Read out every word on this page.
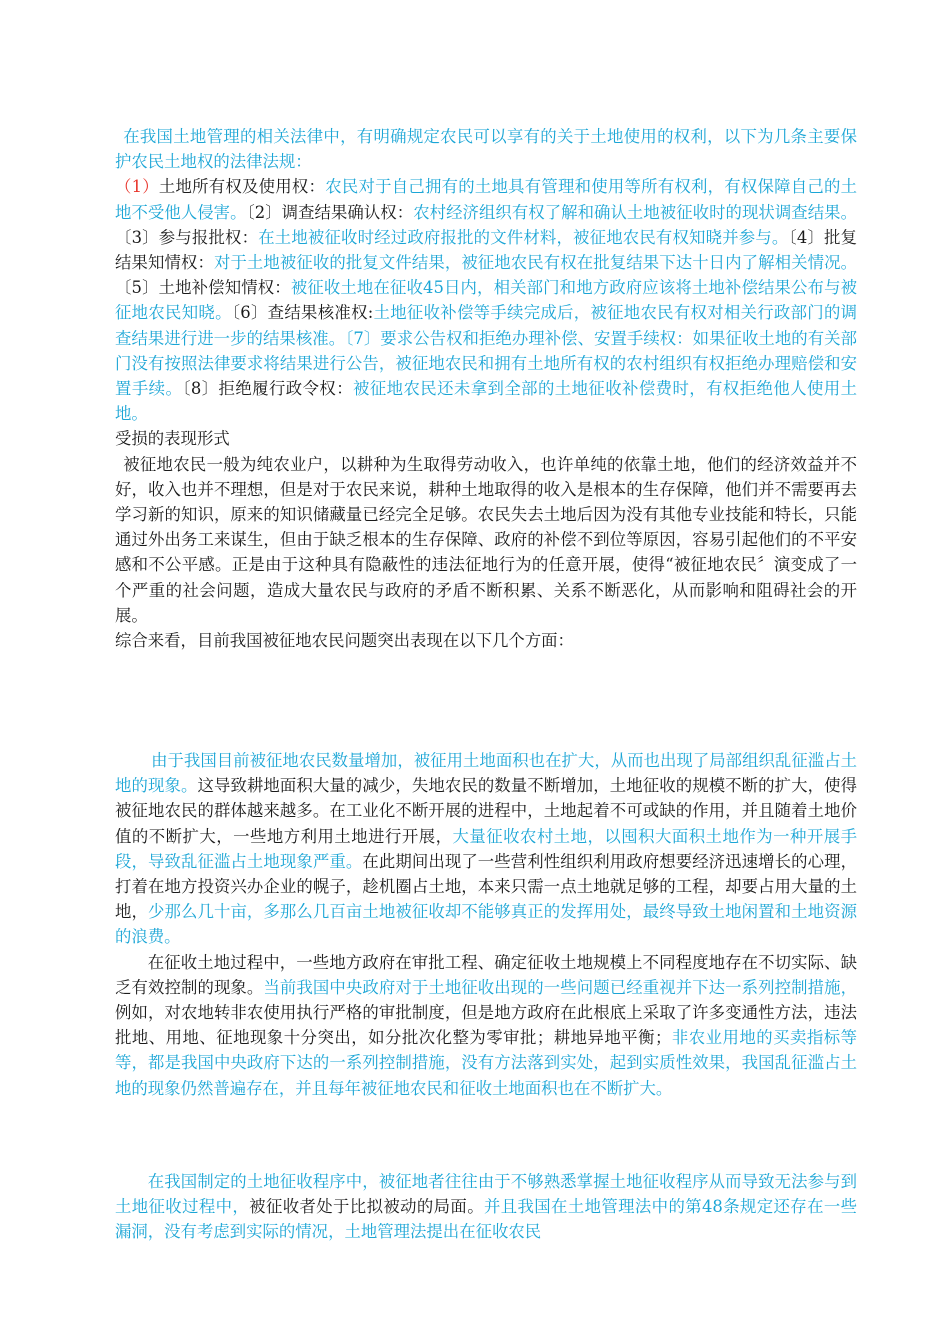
在我国土地管理的相关法律中，有明确规定农民可以享有的关于土地使用的权利，以下为几条主要保护农民土地权的法律法规：

（1）土地所有权及使用权：农民对于自己拥有的土地具有管理和使用等所有权利，有权保障自己的土地不受他人侵害。〔2〕调查结果确认权：农村经济组织有权了解和确认土地被征收时的现状调查结果。〔3〕参与报批权：在土地被征收时经过政府报批的文件材料，被征地农民有权知晓并参与。〔4〕批复结果知情权：对于土地被征收的批复文件结果，被征地农民有权在批复结果下达十日内了解相关情况。〔5〕土地补偿知情权：被征收土地在征收45日内，相关部门和地方政府应该将土地补偿结果公布与被征地农民知晓。〔6〕查结果核准权:土地征收补偿等手续完成后，被征地农民有权对相关行政部门的调查结果进行进一步的结果核准。〔7〕要求公告权和拒绝办理补偿、安置手续权：如果征收土地的有关部门没有按照法律要求将结果进行公告，被征地农民和拥有土地所有权的农村组织有权拒绝办理赔偿和安置手续。〔8〕拒绝履行政令权：被征地农民还未拿到全部的土地征收补偿费时，有权拒绝他人使用土地。

受损的表现形式

被征地农民一般为纯农业户，以耕种为生取得劳动收入，也许单纯的依靠土地，他们的经济效益并不好，收入也并不理想，但是对于农民来说，耕种土地取得的收入是根本的生存保障，他们并不需要再去学习新的知识，原来的知识储藏量已经完全足够。农民失去土地后因为没有其他专业技能和特长，只能通过外出务工来谋生，但由于缺乏根本的生存保障、政府的补偿不到位等原因，容易引起他们的不平安感和不公平感。正是由于这种具有隐蔽性的违法征地行为的任意开展，使得“被征地农民〞演变成了一个严重的社会问题，造成大量农民与政府的矛盾不断积累、关系不断恶化，从而影响和阻碍社会的开展。

综合来看，目前我国被征地农民问题突出表现在以下几个方面：

由于我国目前被征地农民数量增加，被征用土地面积也在扩大，从而也出现了局部组织乱征滥占土地的现象。这导致耕地面积大量的减少，失地农民的数量不断增加，土地征收的规模不断的扩大，使得被征地农民的群体越来越多。在工业化不断开展的进程中，土地起着不可或缺的作用，并且随着土地价值的不断扩大，一些地方利用土地进行开展，大量征收农村土地，以囤积大面积土地作为一种开展手段，导致乱征滥占土地现象严重。在此期间出现了一些营利性组织利用政府想要经济迅速增长的心理，打着在地方投资兴办企业的幌子，趁机圈占土地，本来只需一点土地就足够的工程，却要占用大量的土地，少那么几十亩，多那么几百亩土地被征收却不能够真正的发挥用处，最终导致土地闲置和土地资源的浪费。

在征收土地过程中，一些地方政府在审批工程、确定征收土地规模上不同程度地存在不切实际、缺乏有效控制的现象。当前我国中央政府对于土地征收出现的一些问题已经重视并下达一系列控制措施，例如，对农地转非农使用执行严格的审批制度，但是地方政府在此根底上采取了许多变通性方法，违法批地、用地、征地现象十分突出，如分批次化整为零审批；耕地异地平衡；非农业用地的买卖指标等等，都是我国中央政府下达的一系列控制措施，没有方法落到实处，起到实质性效果，我国乱征滥占土地的现象仍然普遍存在，并且每年被征地农民和征收土地面积也在不断扩大。

在我国制定的土地征收程序中，被征地者往往由于不够熟悉掌握土地征收程序从而导致无法参与到土地征收过程中，被征收者处于比拟被动的局面。并且我国在土地管理法中的第48条规定还存在一些漏洞，没有考虑到实际的情况，土地管理法提出在征收农民
